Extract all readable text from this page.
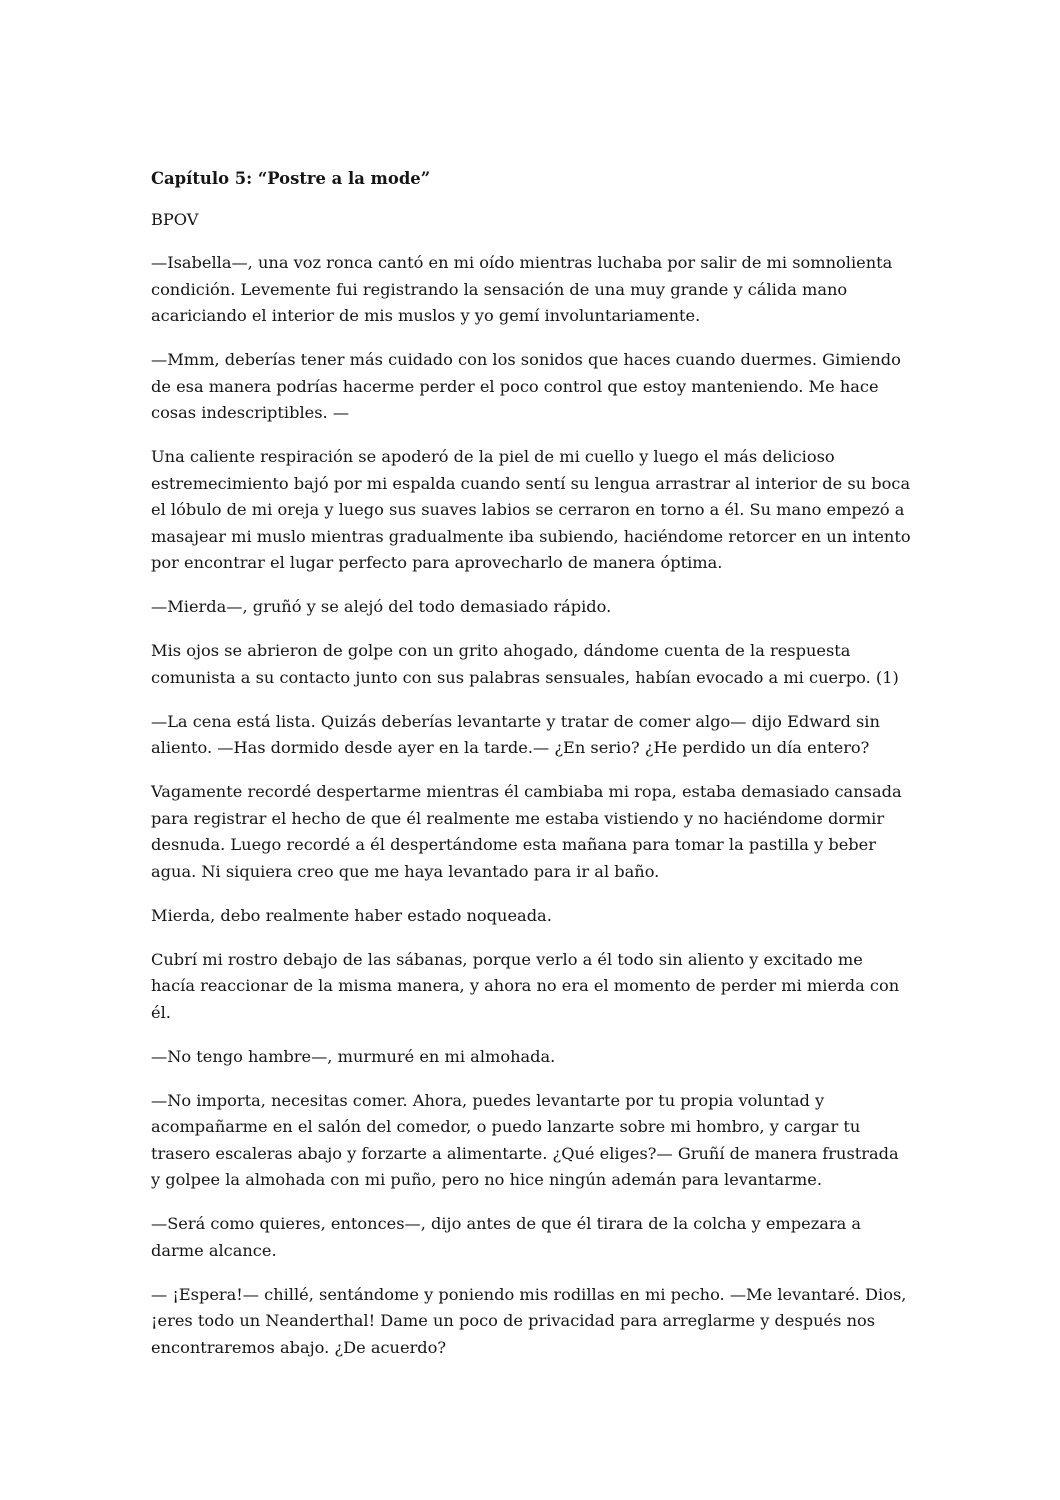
Capítulo 5: “Postre a la mode”
BPOV
—Isabella—, una voz ronca cantó en mi oído mientras luchaba por salir de mi somnolienta condición. Levemente fui registrando la sensación de una muy grande y cálida mano acariciando el interior de mis muslos y yo gemí involuntariamente.
—Mmm, deberías tener más cuidado con los sonidos que haces cuando duermes. Gimiendo de esa manera podrías hacerme perder el poco control que estoy manteniendo. Me hace cosas indescriptibles. —
Una caliente respiración se apoderó de la piel de mi cuello y luego el más delicioso estremecimiento bajó por mi espalda cuando sentí su lengua arrastrar al interior de su boca el lóbulo de mi oreja y luego sus suaves labios se cerraron en torno a él. Su mano empezó a masajear mi muslo mientras gradualmente iba subiendo, haciéndome retorcer en un intento por encontrar el lugar perfecto para aprovecharlo de manera óptima.
—Mierda—, gruñó y se alejó del todo demasiado rápido.
Mis ojos se abrieron de golpe con un grito ahogado, dándome cuenta de la respuesta comunista a su contacto junto con sus palabras sensuales, habían evocado a mi cuerpo. (1)
—La cena está lista. Quizás deberías levantarte y tratar de comer algo— dijo Edward sin aliento. —Has dormido desde ayer en la tarde.— ¿En serio? ¿He perdido un día entero?
Vagamente recordé despertarme mientras él cambiaba mi ropa, estaba demasiado cansada para registrar el hecho de que él realmente me estaba vistiendo y no haciéndome dormir desnuda. Luego recordé a él despertándome esta mañana para tomar la pastilla y beber agua. Ni siquiera creo que me haya levantado para ir al baño.
Mierda, debo realmente haber estado noqueada.
Cubrí mi rostro debajo de las sábanas, porque verlo a él todo sin aliento y excitado me hacía reaccionar de la misma manera, y ahora no era el momento de perder mi mierda con él.
—No tengo hambre—, murmuré en mi almohada.
—No importa, necesitas comer. Ahora, puedes levantarte por tu propia voluntad y acompañarme en el salón del comedor, o puedo lanzarte sobre mi hombro, y cargar tu trasero escaleras abajo y forzarte a alimentarte. ¿Qué eliges?— Gruñí de manera frustrada y golpee la almohada con mi puño, pero no hice ningún ademán para levantarme.
—Será como quieres, entonces—, dijo antes de que él tirara de la colcha y empezara a darme alcance.
— ¡Espera!— chillé, sentándome y poniendo mis rodillas en mi pecho. —Me levantaré. Dios, ¡eres todo un Neanderthal! Dame un poco de privacidad para arreglarme y después nos encontraremos abajo. ¿De acuerdo?
